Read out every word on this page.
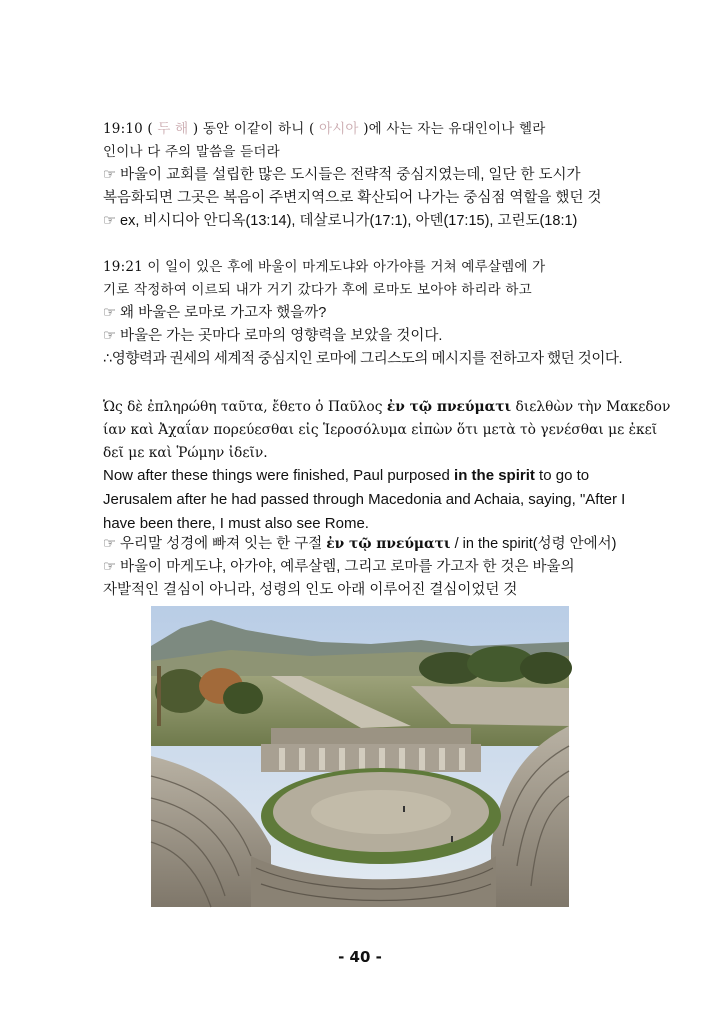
19:10 ( 두 해 ) 동안 이같이 하니 ( 아시아 )에 사는 자는 유대인이나 헬라
인이나 다 주의 말씀을 듣더라
☞ 바울이 교회를 설립한 많은 도시들은 전략적 중심지였는데, 일단 한 도시가
복음화되면 그곳은 복음이 주변지역으로 확산되어 나가는 중심점 역할을 했던 것
☞ ex, 비시디아 안디옥(13:14), 데살로니가(17:1), 아덴(17:15), 고린도(18:1)
19:21 이 일이 있은 후에 바울이 마게도냐와 아가야를 거쳐 예루살렘에 가
기로 작정하여 이르되 내가 거기 갔다가 후에 로마도 보아야 하리라 하고
☞ 왜 바울은 로마로 가고자 했을까?
☞ 바울은 가는 곳마다 로마의 영향력을 보았을 것이다.
∴영향력과 권세의 세계적 중심지인 로마에 그리스도의 메시지를 전하고자 했던 것이다.
Ὡς δὲ ἐπληρώθη ταῦτα, ἔθετο ὁ Παῦλος ἐν τῷ πνεύματι διελθὼν τὴν Μακεδον
ίαν καὶ Ἀχαΐαν πορεύεσθαι εἰς Ἱεροσόλυμα εἰπὼν ὅτι μετὰ τὸ γενέσθαι με ἐκεῖ
δεῖ με καὶ Ῥώμην ἰδεῖν.
Now after these things were finished, Paul purposed in the spirit to go to
Jerusalem after he had passed through Macedonia and Achaia, saying, "After I
have been there, I must also see Rome.
☞ 우리말 성경에 빠져 잇는 한 구절 ἐν τῷ πνεύματι / in the spirit(성령 안에서)
☞ 바울이 마게도냐, 아가야, 예루살렘, 그리고 로마를 가고자 한 것은 바울의
자발적인 결심이 아니라, 성령의 인도 아래 이루어진 결심이었던 것
- 40 -
